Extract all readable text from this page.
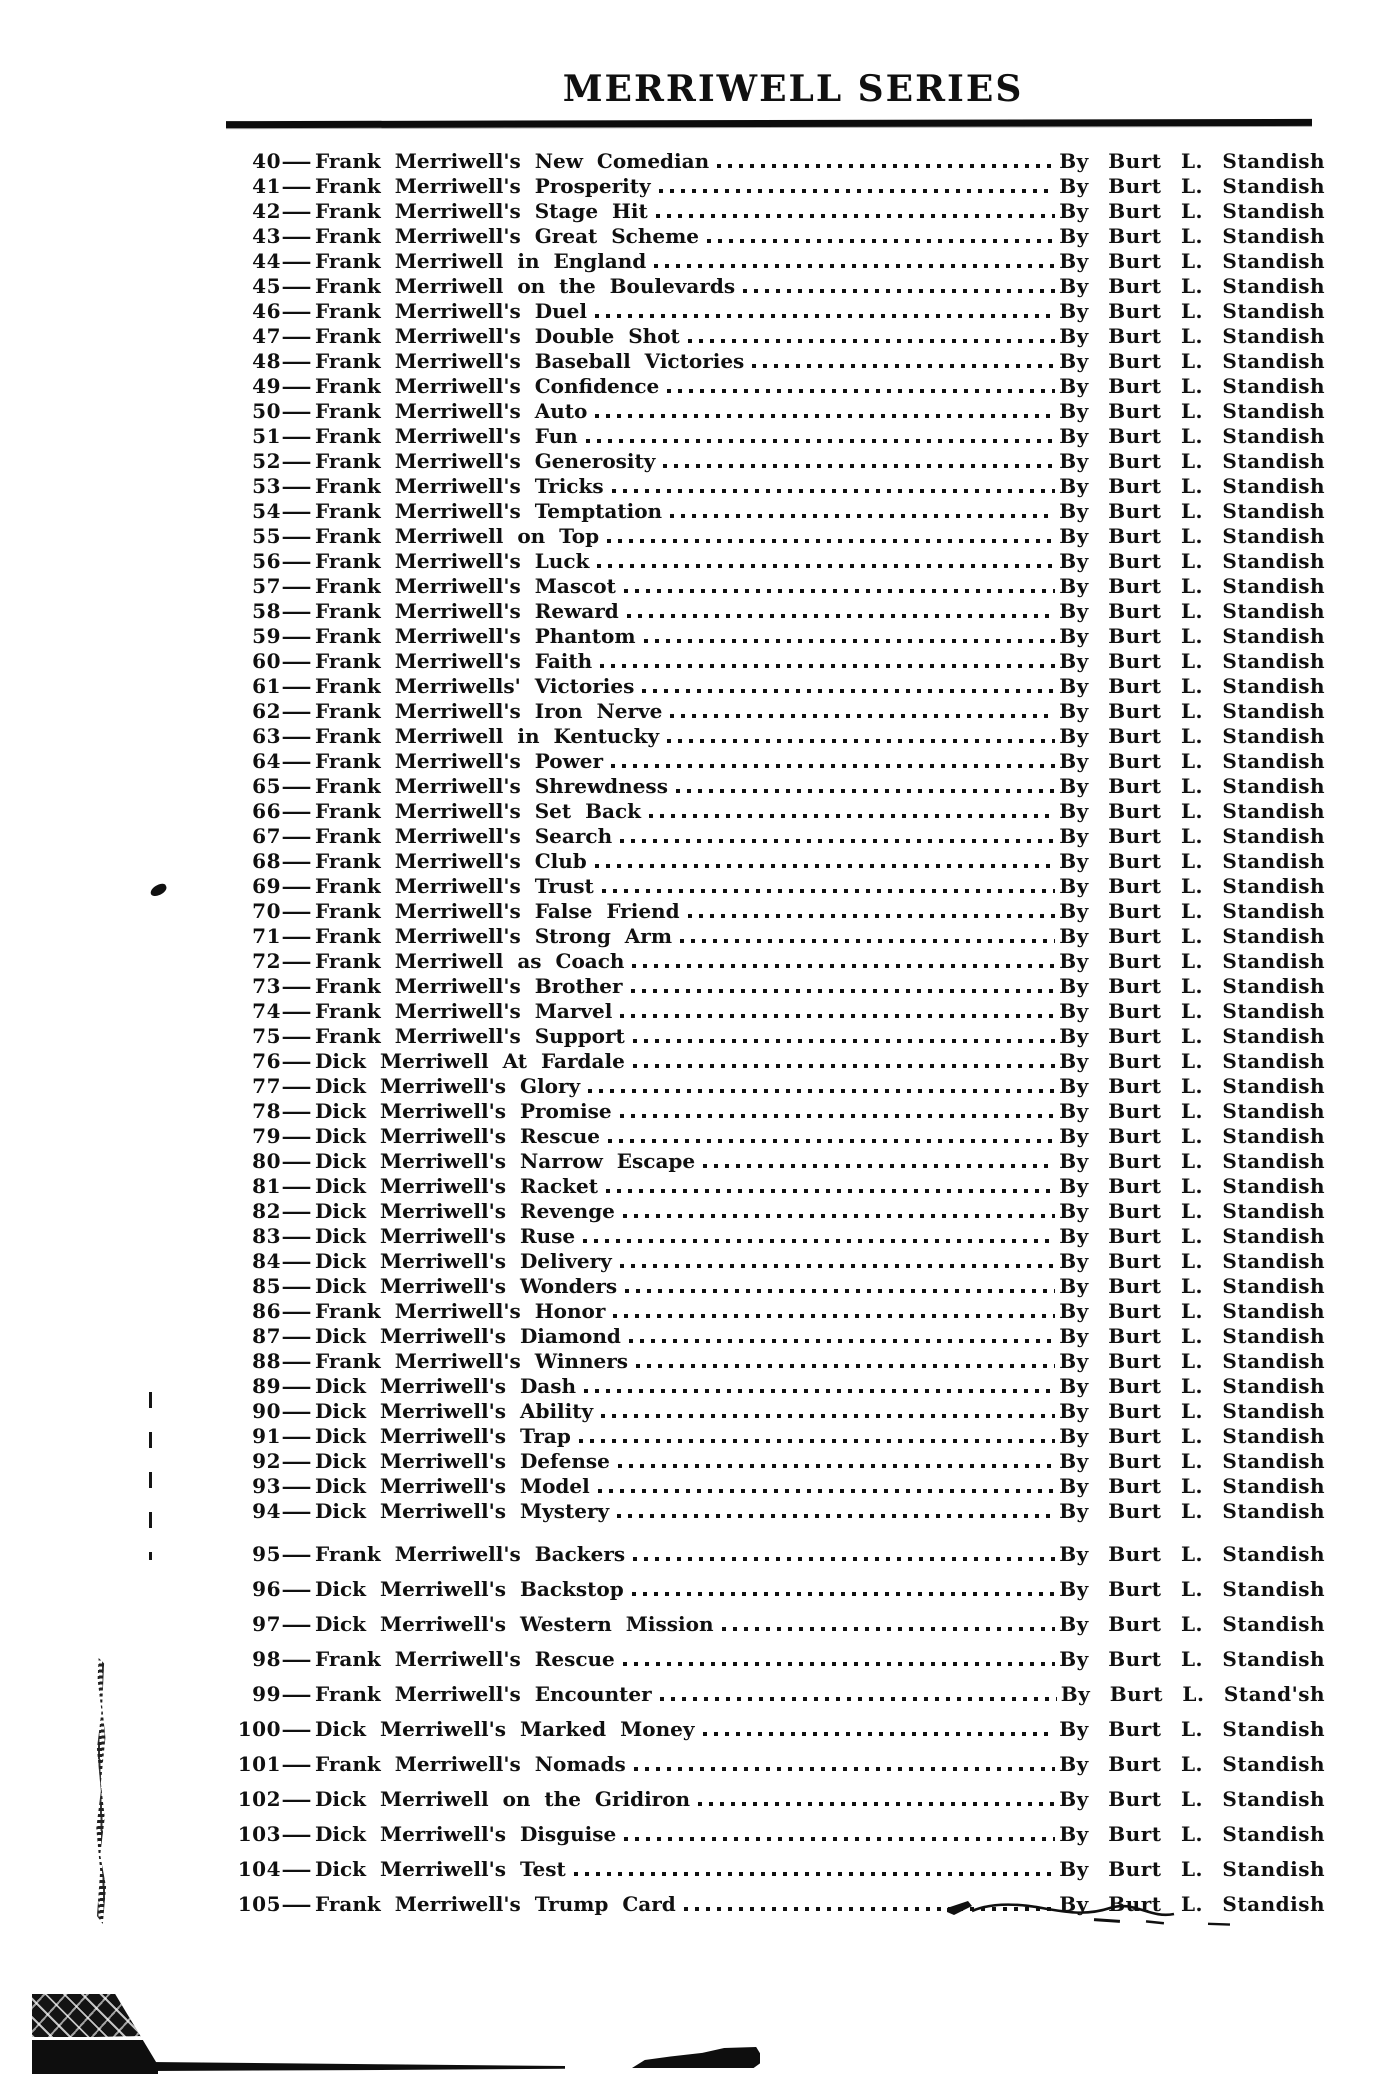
MERRIWELL SERIES
40 — Frank Merriwell's New Comedian	By Burt L. Standish
41 — Frank Merriwell's Prosperity	By Burt L. Standish
42 — Frank Merriwell's Stage Hit	By Burt L. Standish
43 — Frank Merriwell's Great Scheme	By Burt L. Standish
44 — Frank Merriwell in England	By Burt L. Standish
45 — Frank Merriwell on the Boulevards	By Burt L. Standish
46 — Frank Merriwell's Duel	By Burt L. Standish
47 — Frank Merriwell's Double Shot	By Burt L. Standish
48 — Frank Merriwell's Baseball Victories	By Burt L. Standish
49 — Frank Merriwell's Confidence	By Burt L. Standish
50 — Frank Merriwell's Auto	By Burt L. Standish
51 — Frank Merriwell's Fun	By Burt L. Standish
52 — Frank Merriwell's Generosity	By Burt L. Standish
53 — Frank Merriwell's Tricks	By Burt L. Standish
54 — Frank Merriwell's Temptation	By Burt L. Standish
55 — Frank Merriwell on Top	By Burt L. Standish
56 — Frank Merriwell's Luck	By Burt L. Standish
57 — Frank Merriwell's Mascot	By Burt L. Standish
58 — Frank Merriwell's Reward	By Burt L. Standish
59 — Frank Merriwell's Phantom	By Burt L. Standish
60 — Frank Merriwell's Faith	By Burt L. Standish
61 — Frank Merriwells' Victories	By Burt L. Standish
62 — Frank Merriwell's Iron Nerve	By Burt L. Standish
63 — Frank Merriwell in Kentucky	By Burt L. Standish
64 — Frank Merriwell's Power	By Burt L. Standish
65 — Frank Merriwell's Shrewdness	By Burt L. Standish
66 — Frank Merriwell's Set Back	By Burt L. Standish
67 — Frank Merriwell's Search	By Burt L. Standish
68 — Frank Merriwell's Club	By Burt L. Standish
69 — Frank Merriwell's Trust	By Burt L. Standish
70 — Frank Merriwell's False Friend	By Burt L. Standish
71 — Frank Merriwell's Strong Arm	By Burt L. Standish
72 — Frank Merriwell as Coach	By Burt L. Standish
73 — Frank Merriwell's Brother	By Burt L. Standish
74 — Frank Merriwell's Marvel	By Burt L. Standish
75 — Frank Merriwell's Support	By Burt L. Standish
76 — Dick Merriwell At Fardale	By Burt L. Standish
77 — Dick Merriwell's Glory	By Burt L. Standish
78 — Dick Merriwell's Promise	By Burt L. Standish
79 — Dick Merriwell's Rescue	By Burt L. Standish
80 — Dick Merriwell's Narrow Escape	By Burt L. Standish
81 — Dick Merriwell's Racket	By Burt L. Standish
82 — Dick Merriwell's Revenge	By Burt L. Standish
83 — Dick Merriwell's Ruse	By Burt L. Standish
84 — Dick Merriwell's Delivery	By Burt L. Standish
85 — Dick Merriwell's Wonders	By Burt L. Standish
86 — Frank Merriwell's Honor	By Burt L. Standish
87 — Dick Merriwell's Diamond	By Burt L. Standish
88 — Frank Merriwell's Winners	By Burt L. Standish
89 — Dick Merriwell's Dash	By Burt L. Standish
90 — Dick Merriwell's Ability	By Burt L. Standish
91 — Dick Merriwell's Trap	By Burt L. Standish
92 — Dick Merriwell's Defense	By Burt L. Standish
93 — Dick Merriwell's Model	By Burt L. Standish
94 — Dick Merriwell's Mystery	By Burt L. Standish
95 — Frank Merriwell's Backers	By Burt L. Standish
96 — Dick Merriwell's Backstop	By Burt L. Standish
97 — Dick Merriwell's Western Mission	By Burt L. Standish
98 — Frank Merriwell's Rescue	By Burt L. Standish
99 — Frank Merriwell's Encounter	By Burt L. Stand'sh
100 — Dick Merriwell's Marked Money	By Burt L. Standish
101 — Frank Merriwell's Nomads	By Burt L. Standish
102 — Dick Merriwell on the Gridiron	By Burt L. Standish
103 — Dick Merriwell's Disguise	By Burt L. Standish
104 — Dick Merriwell's Test	By Burt L. Standish
105 — Frank Merriwell's Trump Card	By Burt L. Standish
